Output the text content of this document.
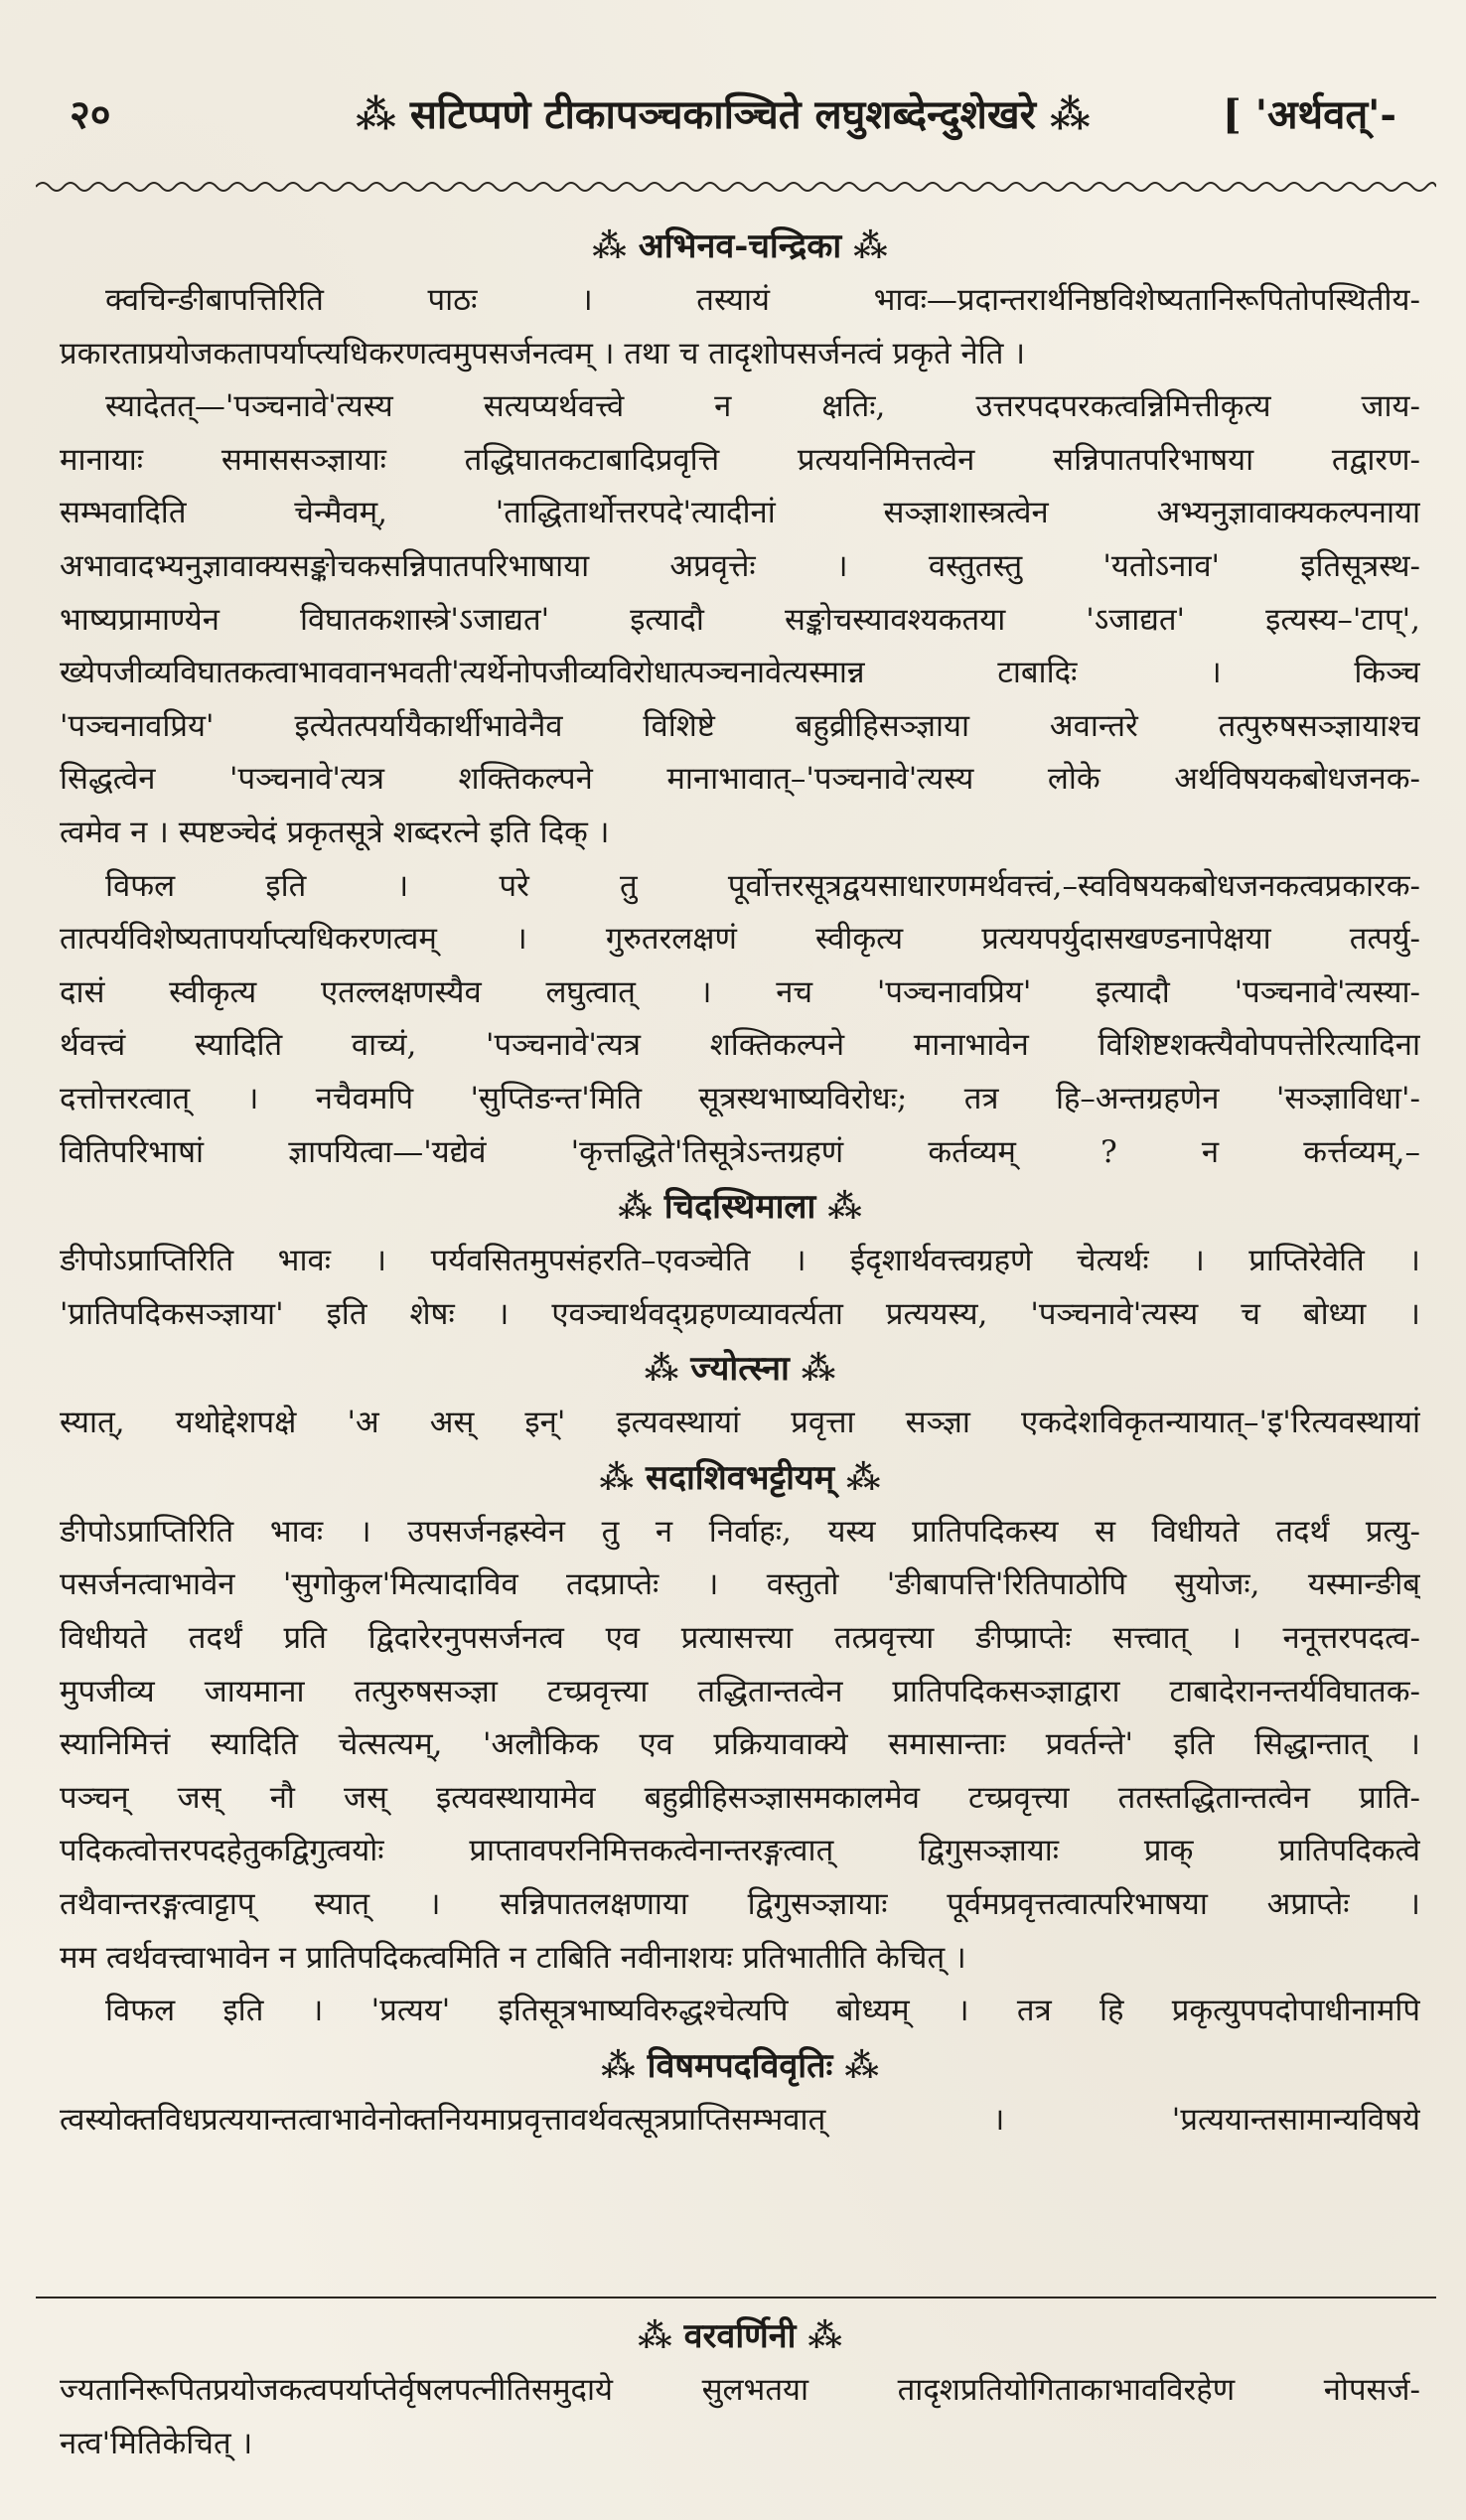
२०	⁂ सटिप्पणे टीकापञ्चकाञ्चिते लघुशब्देन्दुशेखरे ⁂	[ 'अर्थवत्'-
⁂ अभिनव-चन्द्रिका ⁂
क्वचिन्ङीबापत्तिरिति पाठः । तस्यायं भावः—प्रदान्तरार्थनिष्ठविशेष्यतानिरूपितोपस्थितीय-
प्रकारताप्रयोजकतापर्याप्त्यधिकरणत्वमुपसर्जनत्वम् । तथा च तादृशोपसर्जनत्वं प्रकृते नेति ।
स्यादेतत्—'पञ्चनावे'त्यस्य सत्यप्यर्थवत्त्वे न क्षतिः, उत्तरपदपरकत्वन्निमित्तीकृत्य जाय-
मानायाः समाससञ्ज्ञायाः तद्धिघातकटाबादिप्रवृत्ति प्रत्ययनिमित्तत्वेन सन्निपातपरिभाषया तद्वारण-
सम्भवादिति चेन्मैवम्, 'ताद्धितार्थोत्तरपदे'त्यादीनां सञ्ज्ञाशास्त्रत्वेन अभ्यनुज्ञावाक्यकल्पनाया
अभावादभ्यनुज्ञावाक्यसङ्कोचकसन्निपातपरिभाषाया अप्रवृत्तेः । वस्तुतस्तु 'यतोऽनाव' इतिसूत्रस्थ-
भाष्यप्रामाण्येन विघातकशास्त्रे'ऽजाद्यत' इत्यादौ सङ्कोचस्यावश्यकतया 'ऽजाद्यत' इत्यस्य–'टाप्',
ख्येपजीव्यविघातकत्वाभाववानभवती'त्यर्थेनोपजीव्यविरोधात्पञ्चनावेत्यस्मान्न टाबादिः । किञ्च
'पञ्चनावप्रिय' इत्येतत्पर्यायैकार्थीभावेनैव विशिष्टे बहुव्रीहिसञ्ज्ञाया अवान्तरे तत्पुरुषसञ्ज्ञायाश्च
सिद्धत्वेन 'पञ्चनावे'त्यत्र शक्तिकल्पने मानाभावात्–'पञ्चनावे'त्यस्य लोके अर्थविषयकबोधजनक-
त्वमेव न । स्पष्टञ्चेदं प्रकृतसूत्रे शब्दरत्ने इति दिक् ।
विफल इति । परे तु पूर्वोत्तरसूत्रद्वयसाधारणमर्थवत्त्वं,–स्वविषयकबोधजनकत्वप्रकारक-
तात्पर्यविशेष्यतापर्याप्त्यधिकरणत्वम् । गुरुतरलक्षणं स्वीकृत्य प्रत्ययपर्युदासखण्डनापेक्षया तत्पर्यु-
दासं स्वीकृत्य एतल्लक्षणस्यैव लघुत्वात् । नच 'पञ्चनावप्रिय' इत्यादौ 'पञ्चनावे'त्यस्या-
र्थवत्त्वं स्यादिति वाच्यं, 'पञ्चनावे'त्यत्र शक्तिकल्पने मानाभावेन विशिष्टशक्त्यैवोपपत्तेरित्यादिना
दत्तोत्तरत्वात् । नचैवमपि 'सुप्तिङन्त'मिति सूत्रस्थभाष्यविरोधः; तत्र हि–अन्तग्रहणेन 'सञ्ज्ञाविधा'-
वितिपरिभाषां ज्ञापयित्वा—'यद्येवं 'कृत्तद्धिते'तिसूत्रेऽन्तग्रहणं कर्तव्यम् ? न कर्त्तव्यम्,–
⁂ चिदस्थिमाला ⁂
ङीपोऽप्राप्तिरिति भावः । पर्यवसितमुपसंहरति–एवञ्चेति । ईदृशार्थवत्त्वग्रहणे चेत्यर्थः । प्राप्तिरेवेति ।
'प्रातिपदिकसञ्ज्ञाया' इति शेषः । एवञ्चार्थवद्ग्रहणव्यावर्त्यता प्रत्ययस्य, 'पञ्चनावे'त्यस्य च बोध्या ।
⁂ ज्योत्स्ना ⁂
स्यात्, यथोद्देशपक्षे 'अ अस् इन्' इत्यवस्थायां प्रवृत्ता सञ्ज्ञा एकदेशविकृतन्यायात्–'इ'रित्यवस्थायां
⁂ सदाशिवभट्टीयम् ⁂
ङीपोऽप्राप्तिरिति भावः । उपसर्जनह्रस्वेन तु न निर्वाहः, यस्य प्रातिपदिकस्य स विधीयते तदर्थं प्रत्यु-
पसर्जनत्वाभावेन 'सुगोकुल'मित्यादाविव तदप्राप्तेः । वस्तुतो 'ङीबापत्ति'रितिपाठोपि सुयोजः, यस्मान्ङीब्
विधीयते तदर्थं प्रति द्विदारेरनुपसर्जनत्व एव प्रत्यासत्त्या तत्प्रवृत्त्या ङीप्प्राप्तेः सत्त्वात् । ननूत्तरपदत्व-
मुपजीव्य जायमाना तत्पुरुषसञ्ज्ञा टच्प्रवृत्त्या तद्धितान्तत्वेन प्रातिपदिकसञ्ज्ञाद्वारा टाबादेरानन्तर्यविघातक-
स्यानिमित्तं स्यादिति चेत्सत्यम्, 'अलौकिक एव प्रक्रियावाक्ये समासान्ताः प्रवर्तन्ते' इति सिद्धान्तात् ।
पञ्चन् जस् नौ जस् इत्यवस्थायामेव बहुव्रीहिसञ्ज्ञासमकालमेव टच्प्रवृत्त्या ततस्तद्धितान्तत्वेन प्राति-
पदिकत्वोत्तरपदहेतुकद्विगुत्वयोः प्राप्तावपरनिमित्तकत्वेनान्तरङ्गत्वात् द्विगुसञ्ज्ञायाः प्राक् प्रातिपदिकत्वे
तथैवान्तरङ्गत्वाट्टाप् स्यात् । सन्निपातलक्षणाया द्विगुसञ्ज्ञायाः पूर्वमप्रवृत्तत्वात्परिभाषया अप्राप्तेः ।
मम त्वर्थवत्त्वाभावेन न प्रातिपदिकत्वमिति न टाबिति नवीनाशयः प्रतिभातीति केचित् ।
विफल इति । 'प्रत्यय' इतिसूत्रभाष्यविरुद्धश्चेत्यपि बोध्यम् । तत्र हि प्रकृत्युपपदोपाधीनामपि
⁂ विषमपदविवृतिः ⁂
त्वस्योक्तविधप्रत्ययान्तत्वाभावेनोक्तनियमाप्रवृत्तावर्थवत्सूत्रप्राप्तिसम्भवात् । 'प्रत्ययान्तसामान्यविषये
⁂ वरवर्णिनी ⁂
ज्यतानिरूपितप्रयोजकत्वपर्याप्तेर्वृषलपत्नीतिसमुदाये सुलभतया तादृशप्रतियोगिताकाभावविरहेण नोपसर्ज-
नत्व'मितिकेचित् ।
